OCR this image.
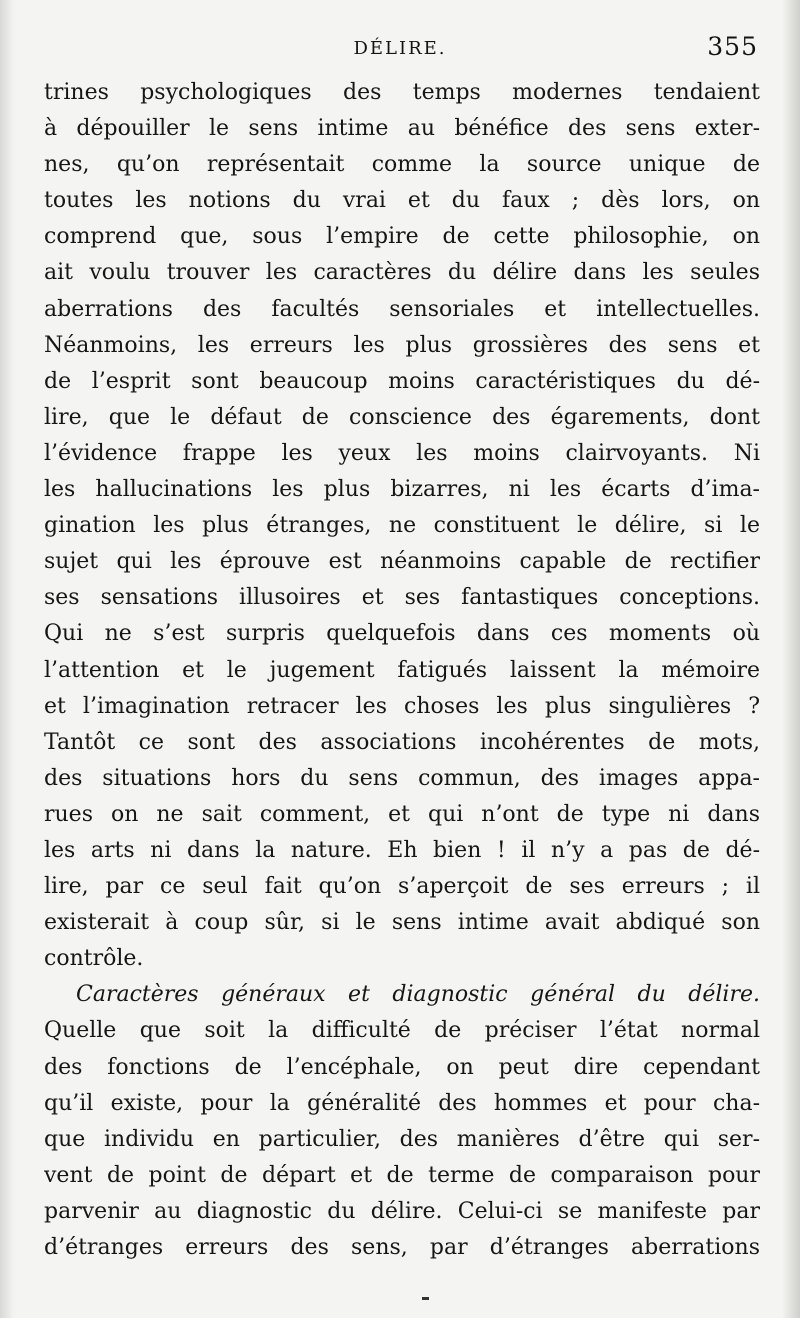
DÉLIRE.	355
trines psychologiques des temps modernes tendaient
à dépouiller le sens intime au bénéfice des sens exter-
nes, qu’on représentait comme la source unique de
toutes les notions du vrai et du faux ; dès lors, on
comprend que, sous l’empire de cette philosophie, on
ait voulu trouver les caractères du délire dans les seules
aberrations des facultés sensoriales et intellectuelles.
Néanmoins, les erreurs les plus grossières des sens et
de l’esprit sont beaucoup moins caractéristiques du dé-
lire, que le défaut de conscience des égarements, dont
l’évidence frappe les yeux les moins clairvoyants. Ni
les hallucinations les plus bizarres, ni les écarts d’ima-
gination les plus étranges, ne constituent le délire, si le
sujet qui les éprouve est néanmoins capable de rectifier
ses sensations illusoires et ses fantastiques conceptions.
Qui ne s’est surpris quelquefois dans ces moments où
l’attention et le jugement fatigués laissent la mémoire
et l’imagination retracer les choses les plus singulières ?
Tantôt ce sont des associations incohérentes de mots,
des situations hors du sens commun, des images appa-
rues on ne sait comment, et qui n’ont de type ni dans
les arts ni dans la nature. Eh bien ! il n’y a pas de dé-
lire, par ce seul fait qu’on s’aperçoit de ses erreurs ; il
existerait à coup sûr, si le sens intime avait abdiqué son
contrôle.
Caractères généraux et diagnostic général du délire.
Quelle que soit la difficulté de préciser l’état normal
des fonctions de l’encéphale, on peut dire cependant
qu’il existe, pour la généralité des hommes et pour cha-
que individu en particulier, des manières d’être qui ser-
vent de point de départ et de terme de comparaison pour
parvenir au diagnostic du délire. Celui-ci se manifeste par
d’étranges erreurs des sens, par d’étranges aberrations
